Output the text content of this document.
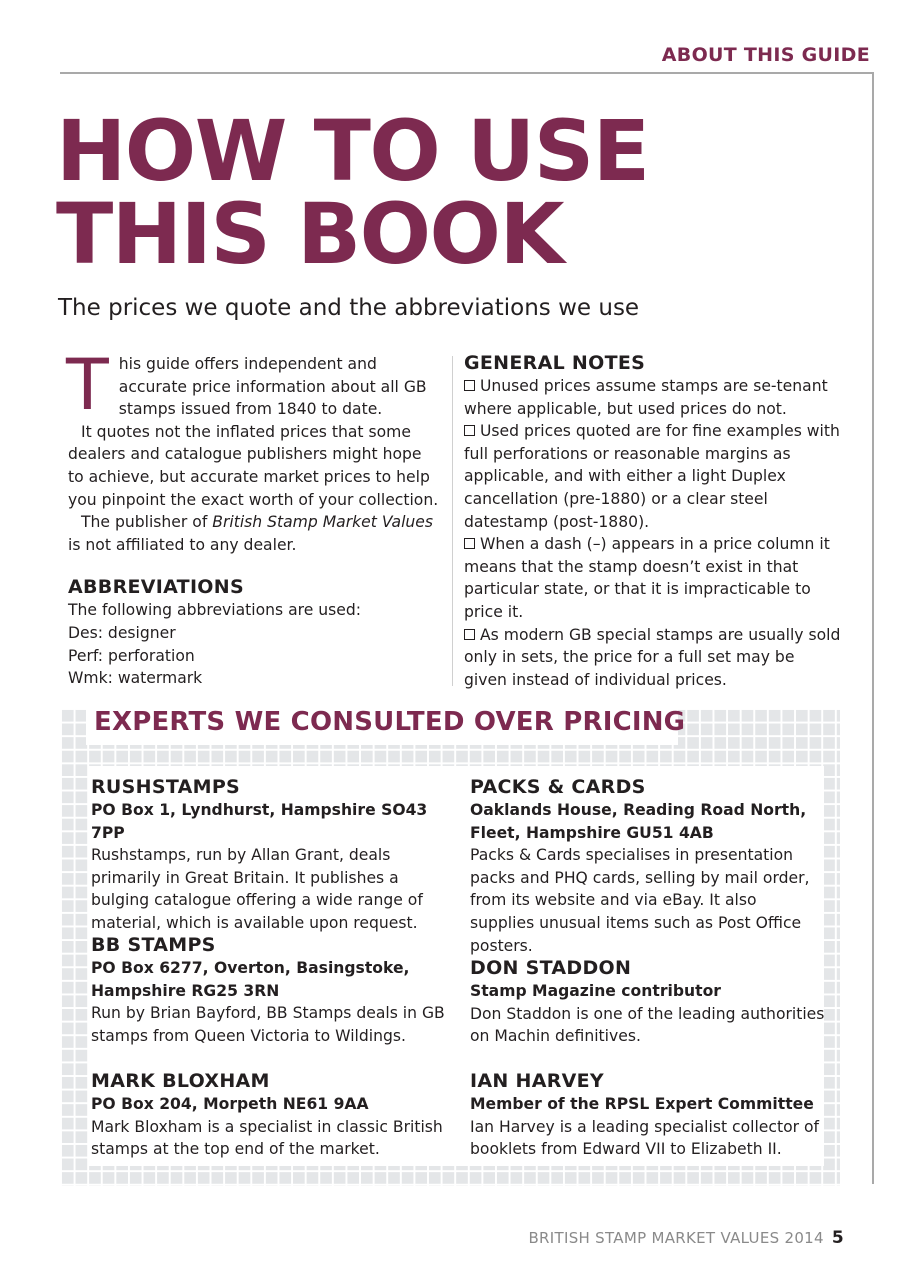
ABOUT THIS GUIDE
HOW TO USE
THIS BOOK
The prices we quote and the abbreviations we use

This guide offers independent and accurate price information about all GB stamps issued from 1840 to date.

It quotes not the inflated prices that some dealers and catalogue publishers might hope to achieve, but accurate market prices to help you pinpoint the exact worth of your collection.

The publisher of British Stamp Market Values is not affiliated to any dealer.

ABBREVIATIONS
The following abbreviations are used:
Des: designer
Perf: perforation
Wmk: watermark
GENERAL NOTES

Unused prices assume stamps are se-tenant where applicable, but used prices do not.

Used prices quoted are for fine examples with full perforations or reasonable margins as applicable, and with either a light Duplex cancellation (pre-1880) or a clear steel datestamp (post-1880).

When a dash (–) appears in a price column it means that the stamp doesn’t exist in that particular state, or that it is impracticable to price it.

As modern GB special stamps are usually sold only in sets, the price for a full set may be given instead of individual prices.

EXPERTS WE CONSULTED OVER PRICING
RUSHSTAMPS
PO Box 1, Lyndhurst, Hampshire SO43 7PP
Rushstamps, run by Allan Grant, deals primarily in Great Britain. It publishes a bulging catalogue offering a wide range of material, which is available upon request.
PACKS & CARDS
Oaklands House, Reading Road North, Fleet, Hampshire GU51 4AB
Packs & Cards specialises in presentation packs and PHQ cards, selling by mail order, from its website and via eBay. It also supplies unusual items such as Post Office posters.
BB STAMPS
PO Box 6277, Overton, Basingstoke, Hampshire RG25 3RN
Run by Brian Bayford, BB Stamps deals in GB stamps from Queen Victoria to Wildings.
DON STADDON
Stamp Magazine contributor
Don Staddon is one of the leading authorities on Machin definitives.
MARK BLOXHAM
PO Box 204, Morpeth NE61 9AA
Mark Bloxham is a specialist in classic British stamps at the top end of the market.
IAN HARVEY
Member of the RPSL Expert Committee
Ian Harvey is a leading specialist collector of booklets from Edward VII to Elizabeth II.
BRITISH STAMP MARKET VALUES 2014 5
